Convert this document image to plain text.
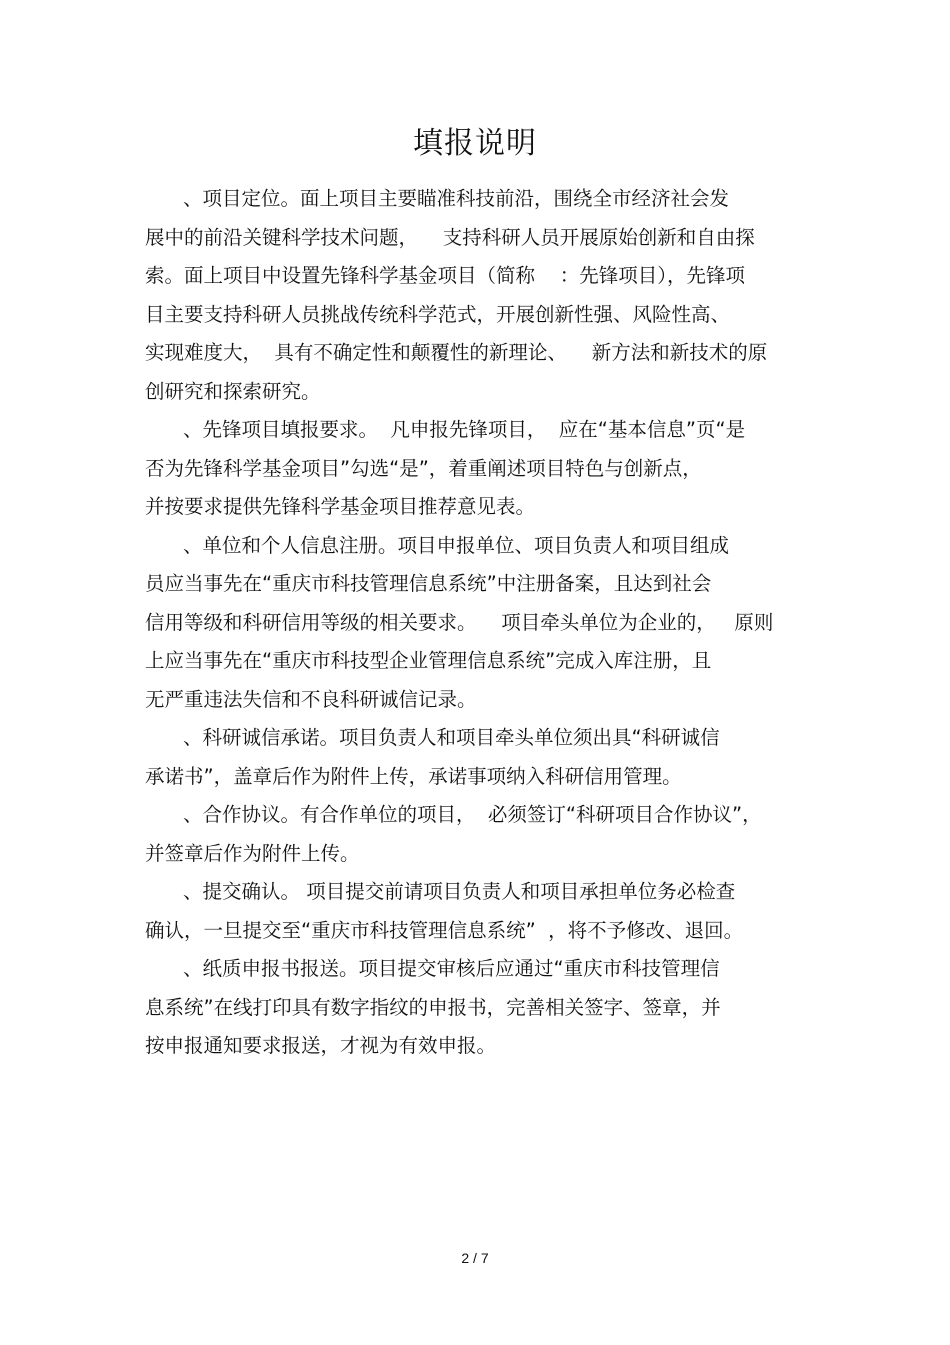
填报说明
、项目定位。面上项目主要瞄准科技前沿，围绕全市经济社会发
展中的前沿关键科学技术问题，    支持科研人员开展原始创新和自由探
索。面上项目中设置先锋科学基金项目（简称    ：先锋项目），先锋项
目主要支持科研人员挑战传统科学范式，开展创新性强、风险性高、
实现难度大，  具有不确定性和颠覆性的新理论、    新方法和新技术的原
创研究和探索研究。
、先锋项目填报要求。  凡申报先锋项目，  应在“基本信息”页“是
否为先锋科学基金项目”勾选“是”，着重阐述项目特色与创新点，
并按要求提供先锋科学基金项目推荐意见表。
、单位和个人信息注册。项目申报单位、项目负责人和项目组成
员应当事先在“重庆市科技管理信息系统”中注册备案，且达到社会
信用等级和科研信用等级的相关要求。    项目牵头单位为企业的，   原则
上应当事先在“重庆市科技型企业管理信息系统”完成入库注册，且
无严重违法失信和不良科研诚信记录。
、科研诚信承诺。项目负责人和项目牵头单位须出具“科研诚信
承诺书”，盖章后作为附件上传，承诺事项纳入科研信用管理。
、合作协议。有合作单位的项目，  必须签订“科研项目合作协议”，
并签章后作为附件上传。
、提交确认。 项目提交前请项目负责人和项目承担单位务必检查
确认，一旦提交至“重庆市科技管理信息系统”  ，将不予修改、退回。
、纸质申报书报送。项目提交审核后应通过“重庆市科技管理信
息系统”在线打印具有数字指纹的申报书，完善相关签字、签章，并
按申报通知要求报送，才视为有效申报。
2 / 7
